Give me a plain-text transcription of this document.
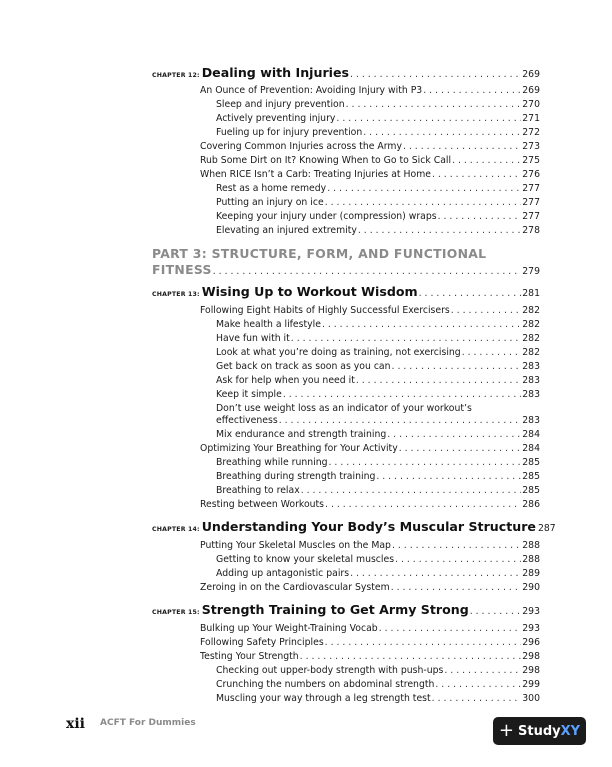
CHAPTER 12: Dealing with Injuries . . .	269
An Ounce of Prevention: Avoiding Injury with P3 . . .	269
Sleep and injury prevention . . .	270
Actively preventing injury . . .	271
Fueling up for injury prevention . . .	272
Covering Common Injuries across the Army . . .	273
Rub Some Dirt on It? Knowing When to Go to Sick Call . . .	275
When RICE Isn’t a Carb: Treating Injuries at Home . . .	276
Rest as a home remedy . . .	277
Putting an injury on ice . . .	277
Keeping your injury under (compression) wraps . . .	277
Elevating an injured extremity . . .	278
PART 3: STRUCTURE, FORM, AND FUNCTIONAL
FITNESS . . .	279
CHAPTER 13: Wising Up to Workout Wisdom . . .	281
Following Eight Habits of Highly Successful Exercisers . . .	282
Make health a lifestyle . . .	282
Have fun with it . . .	282
Look at what you’re doing as training, not exercising . . .	282
Get back on track as soon as you can . . .	283
Ask for help when you need it . . .	283
Keep it simple . . .	283
Don’t use weight loss as an indicator of your workout’s
effectiveness . . .	283
Mix endurance and strength training . . .	284
Optimizing Your Breathing for Your Activity . . .	284
Breathing while running . . .	285
Breathing during strength training . . .	285
Breathing to relax . . .	285
Resting between Workouts . . .	286
CHAPTER 14: Understanding Your Body’s Muscular Structure 287
Putting Your Skeletal Muscles on the Map . . .	288
Getting to know your skeletal muscles . . .	288
Adding up antagonistic pairs . . .	289
Zeroing in on the Cardiovascular System . . .	290
CHAPTER 15: Strength Training to Get Army Strong . . .	293
Bulking up Your Weight-Training Vocab . . .	293
Following Safety Principles . . .	296
Testing Your Strength . . .	298
Checking out upper-body strength with push-ups . . .	298
Crunching the numbers on abdominal strength . . .	299
Muscling your way through a leg strength test . . .	300
xii ACFT For Dummies	+ Study XY
